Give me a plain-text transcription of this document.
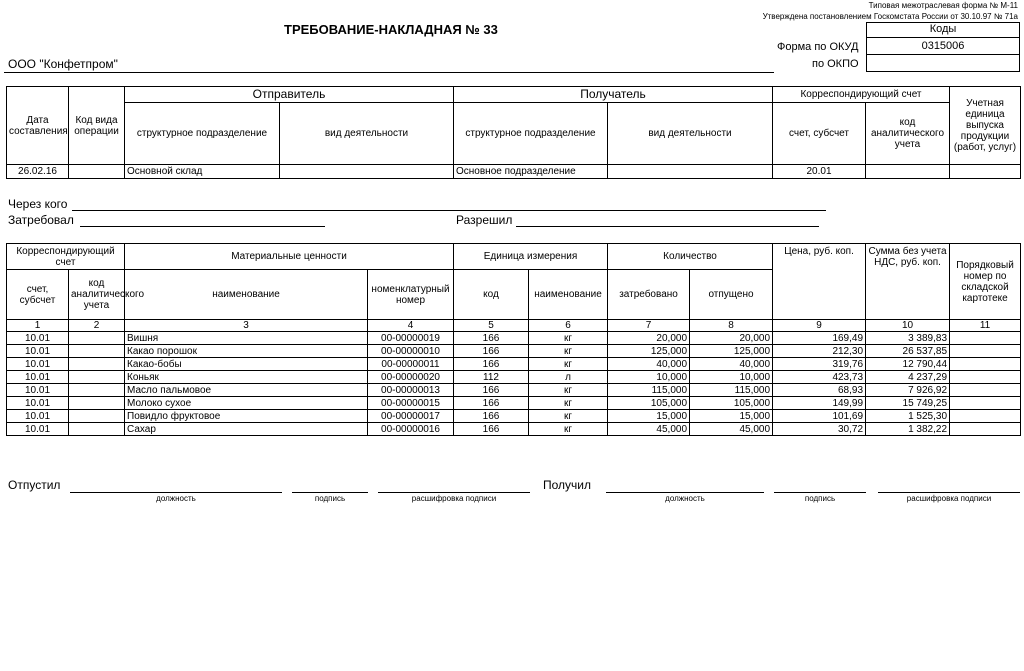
Типовая межотраслевая форма № М-11
Утверждена постановлением Госкомстата России от 30.10.97 № 71а
ТРЕБОВАНИЕ-НАКЛАДНАЯ № 33	Коды
Форма по ОКУД	0315006
по ОКПО
ООО "Конфетпром"
Дата составления	Код вида операции	Отправитель		Получатель		Корреспондирующий счет		Учетная единица выпуска продукции (работ, услуг)
		структурное подразделение	вид деятельности	структурное подразделение	вид деятельности	счет, субсчет	код аналитического учета	
26.02.16		Основной склад		Основное подразделение		20.01		
Через кого
Затребовал	Разрешил
Корреспондирующий счет		Материальные ценности		Единица измерения		Количество		Цена, руб. коп.	Сумма без учета НДС, руб. коп.	Порядковый номер по складской картотеке
счет, субсчет	код аналитического учета	наименование	номенклатурный номер	код	наименование	затребовано	отпущено			
1	2	3	4	5	6	7	8	9	10	11
10.01		Вишня	00-00000019	166	кг	20,000	20,000	169,49	3 389,83	
10.01		Какао порошок	00-00000010	166	кг	125,000	125,000	212,30	26 537,85	
10.01		Какао-бобы	00-00000011	166	кг	40,000	40,000	319,76	12 790,44	
10.01		Коньяк	00-00000020	112	л	10,000	10,000	423,73	4 237,29	
10.01		Масло пальмовое	00-00000013	166	кг	115,000	115,000	68,93	7 926,92	
10.01		Молоко сухое	00-00000015	166	кг	105,000	105,000	149,99	15 749,25	
10.01		Повидло фруктовое	00-00000017	166	кг	15,000	15,000	101,69	1 525,30	
10.01		Сахар	00-00000016	166	кг	45,000	45,000	30,72	1 382,22	
Отпустил
должность	подпись	расшифровка подписи
Получил
должность	подпись	расшифровка подписи
